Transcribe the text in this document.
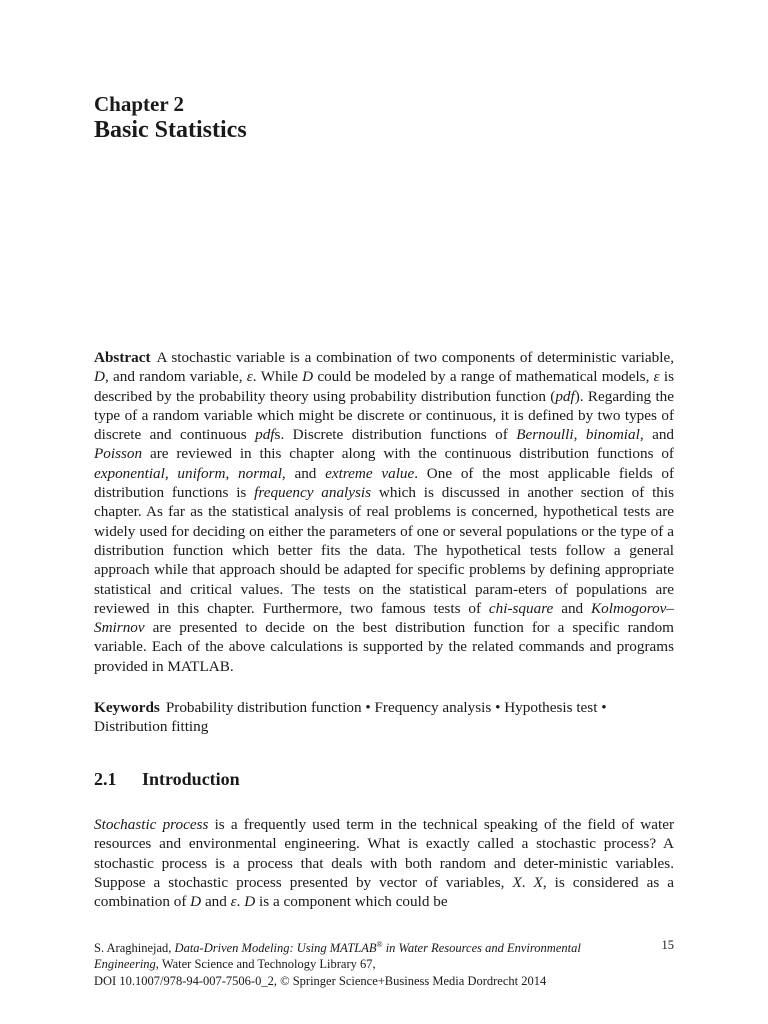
Chapter 2
Basic Statistics

Abstract A stochastic variable is a combination of two components of deterministic variable, D, and random variable, ε. While D could be modeled by a range of mathematical models, ε is described by the probability theory using probability distribution function (pdf). Regarding the type of a random variable which might be discrete or continuous, it is defined by two types of discrete and continuous pdfs. Discrete distribution functions of Bernoulli, binomial, and Poisson are reviewed in this chapter along with the continuous distribution functions of exponential, uniform, normal, and extreme value. One of the most applicable fields of distribution functions is frequency analysis which is discussed in another section of this chapter. As far as the statistical analysis of real problems is concerned, hypothetical tests are widely used for deciding on either the parameters of one or several populations or the type of a distribution function which better fits the data. The hypothetical tests follow a general approach while that approach should be adapted for specific problems by defining appropriate statistical and critical values. The tests on the statistical param-eters of populations are reviewed in this chapter. Furthermore, two famous tests of chi-square and Kolmogorov–Smirnov are presented to decide on the best distribution function for a specific random variable. Each of the above calculations is supported by the related commands and programs provided in MATLAB.

Keywords Probability distribution function • Frequency analysis • Hypothesis test • Distribution fitting

2.1 Introduction

Stochastic process is a frequently used term in the technical speaking of the field of water resources and environmental engineering. What is exactly called a stochastic process? A stochastic process is a process that deals with both random and deter-ministic variables. Suppose a stochastic process presented by vector of variables, X. X, is considered as a combination of D and ε. D is a component which could be

15
S. Araghinejad, Data-Driven Modeling: Using MATLAB® in Water Resources and Environmental Engineering, Water Science and Technology Library 67,
DOI 10.1007/978-94-007-7506-0_2, © Springer Science+Business Media Dordrecht 2014
